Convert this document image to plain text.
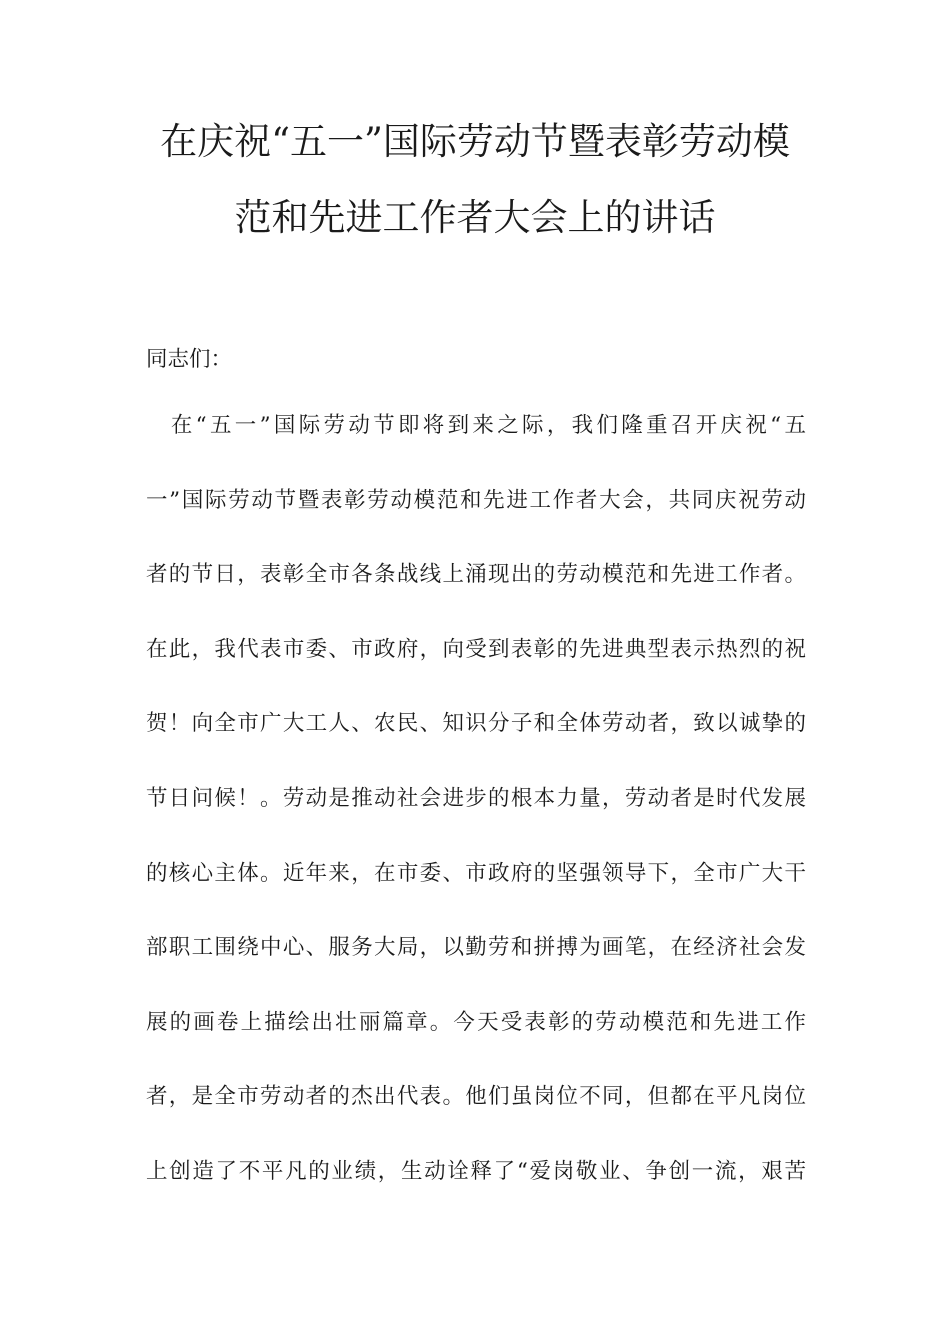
在庆祝“五一”国际劳动节暨表彰劳动模
范和先进工作者大会上的讲话
同志们：
　在“五一”国际劳动节即将到来之际，我们隆重召开庆祝“五
一”国际劳动节暨表彰劳动模范和先进工作者大会，共同庆祝劳动
者的节日，表彰全市各条战线上涌现出的劳动模范和先进工作者。
在此，我代表市委、市政府，向受到表彰的先进典型表示热烈的祝
贺！向全市广大工人、农民、知识分子和全体劳动者，致以诚挚的
节日问候！。劳动是推动社会进步的根本力量，劳动者是时代发展
的核心主体。近年来，在市委、市政府的坚强领导下，全市广大干
部职工围绕中心、服务大局，以勤劳和拼搏为画笔，在经济社会发
展的画卷上描绘出壮丽篇章。今天受表彰的劳动模范和先进工作
者，是全市劳动者的杰出代表。他们虽岗位不同，但都在平凡岗位
上创造了不平凡的业绩，生动诠释了“爱岗敬业、争创一流，艰苦
